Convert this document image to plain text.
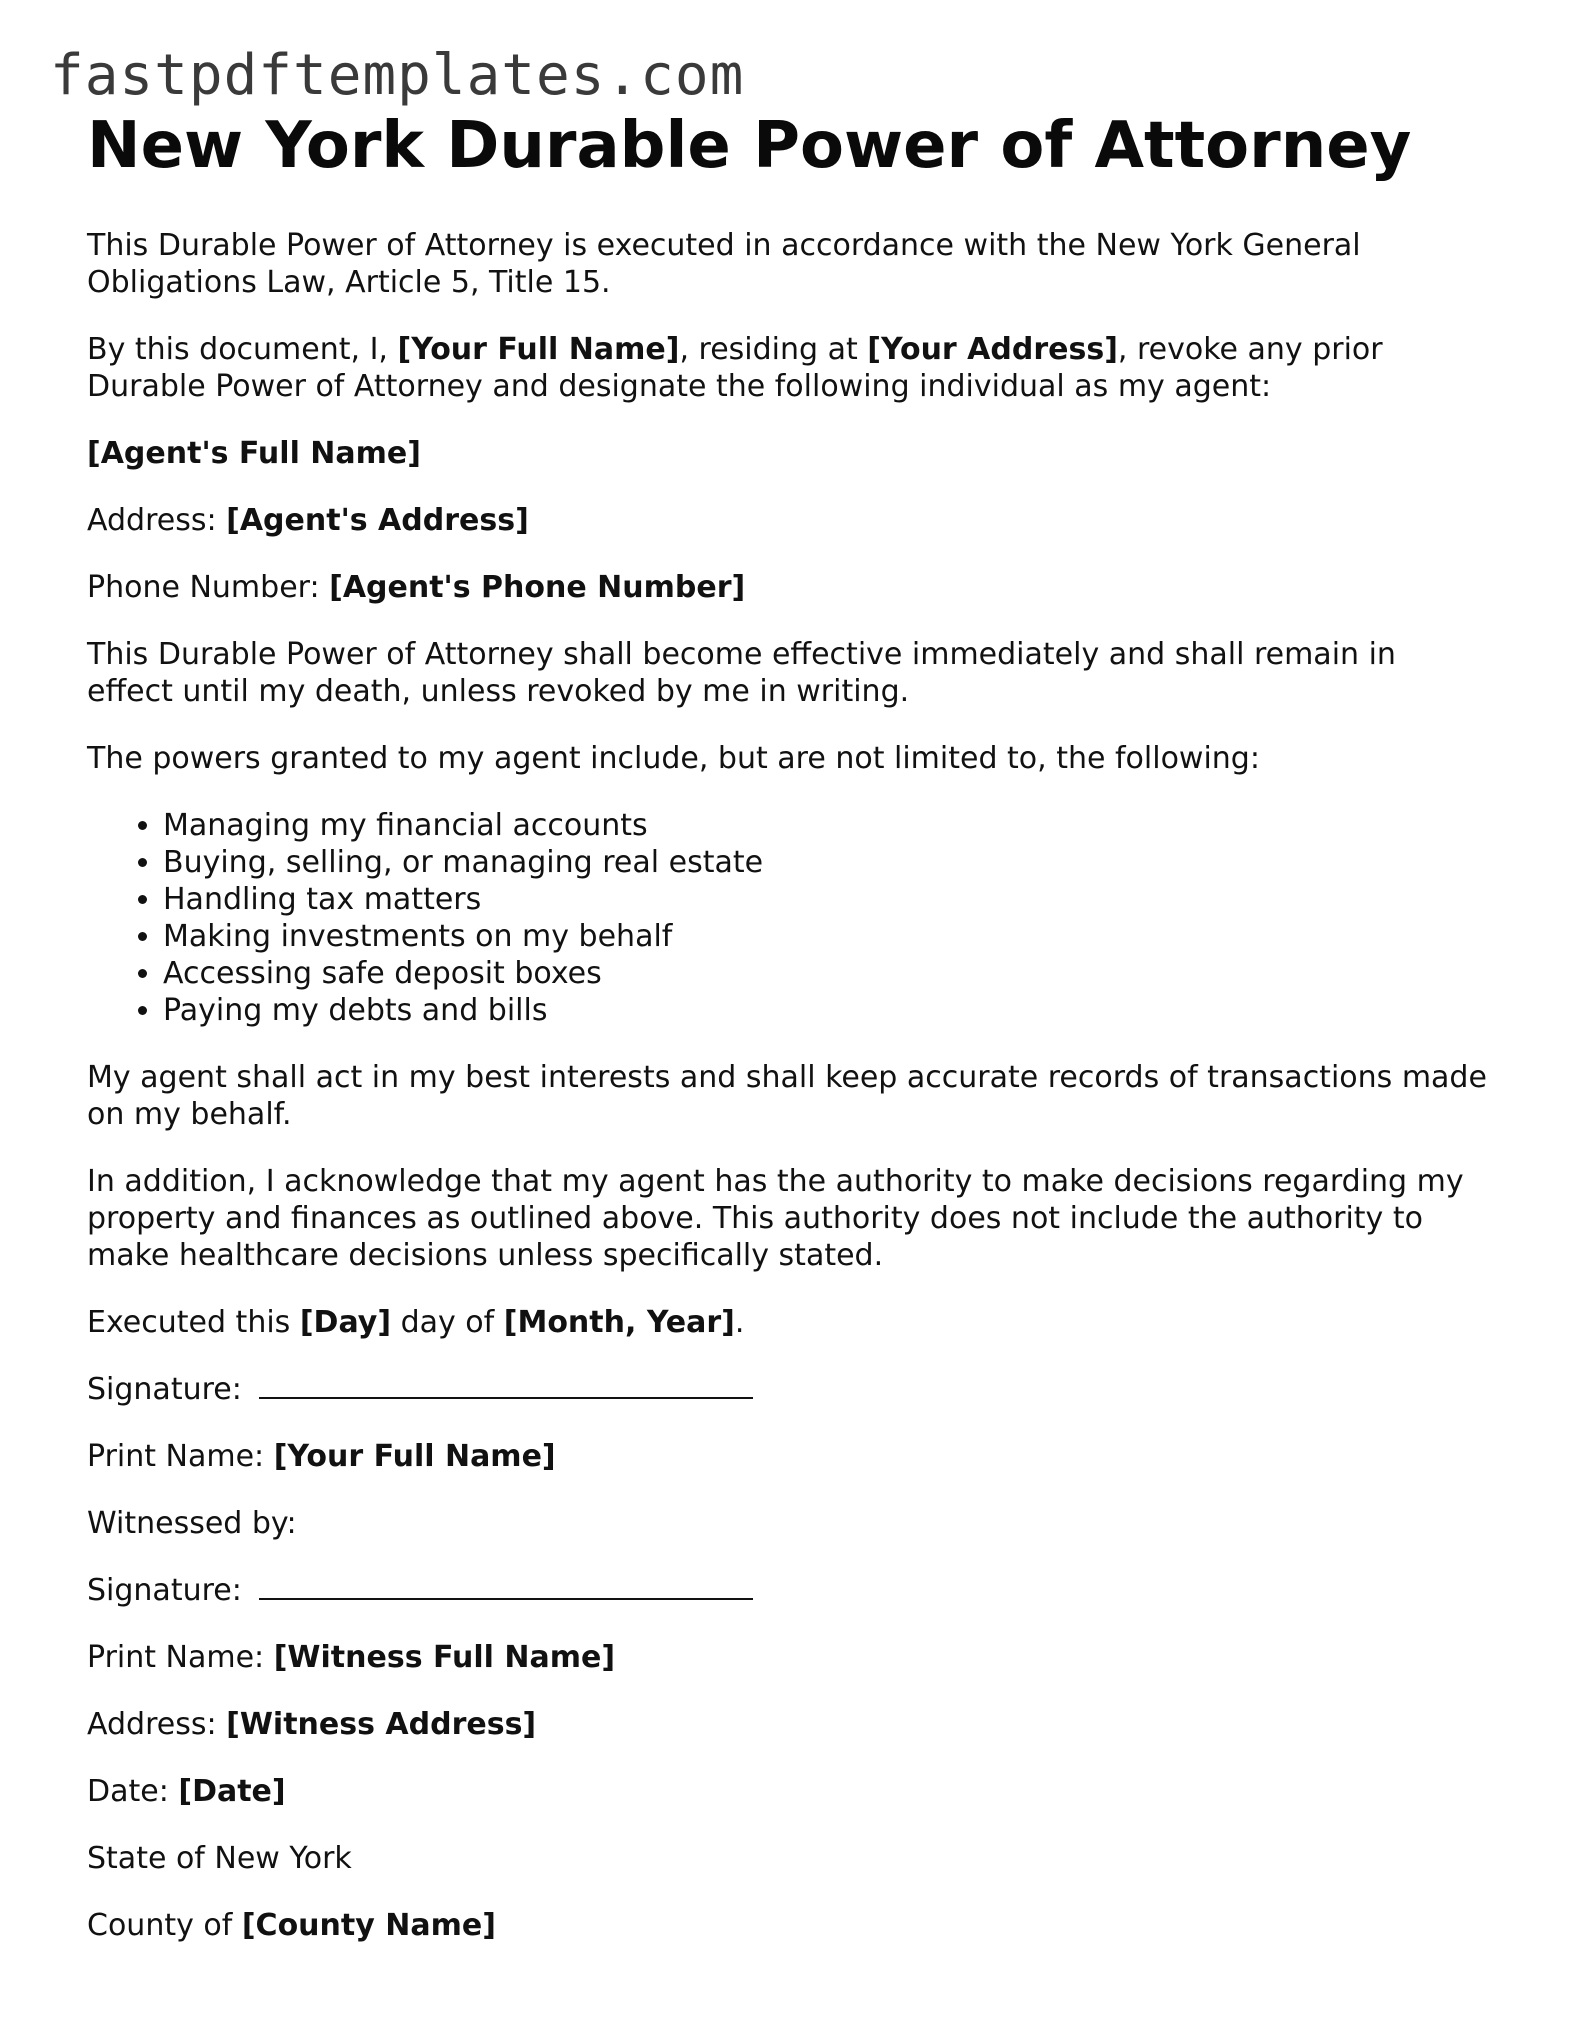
fastpdftemplates.com
New York Durable Power of Attorney

This Durable Power of Attorney is executed in accordance with the New York General Obligations Law, Article 5, Title 15.

By this document, I, [Your Full Name], residing at [Your Address], revoke any prior Durable Power of Attorney and designate the following individual as my agent:

[Agent's Full Name]

Address: [Agent's Address]

Phone Number: [Agent's Phone Number]

This Durable Power of Attorney shall become effective immediately and shall remain in effect until my death, unless revoked by me in writing.

The powers granted to my agent include, but are not limited to, the following:

• Managing my financial accounts
• Buying, selling, or managing real estate
• Handling tax matters
• Making investments on my behalf
• Accessing safe deposit boxes
• Paying my debts and bills

My agent shall act in my best interests and shall keep accurate records of transactions made on my behalf.

In addition, I acknowledge that my agent has the authority to make decisions regarding my property and finances as outlined above. This authority does not include the authority to make healthcare decisions unless specifically stated.

Executed this [Day] day of [Month, Year].

Signature:

Print Name: [Your Full Name]

Witnessed by:

Signature:

Print Name: [Witness Full Name]

Address: [Witness Address]

Date: [Date]

State of New York

County of [County Name]
